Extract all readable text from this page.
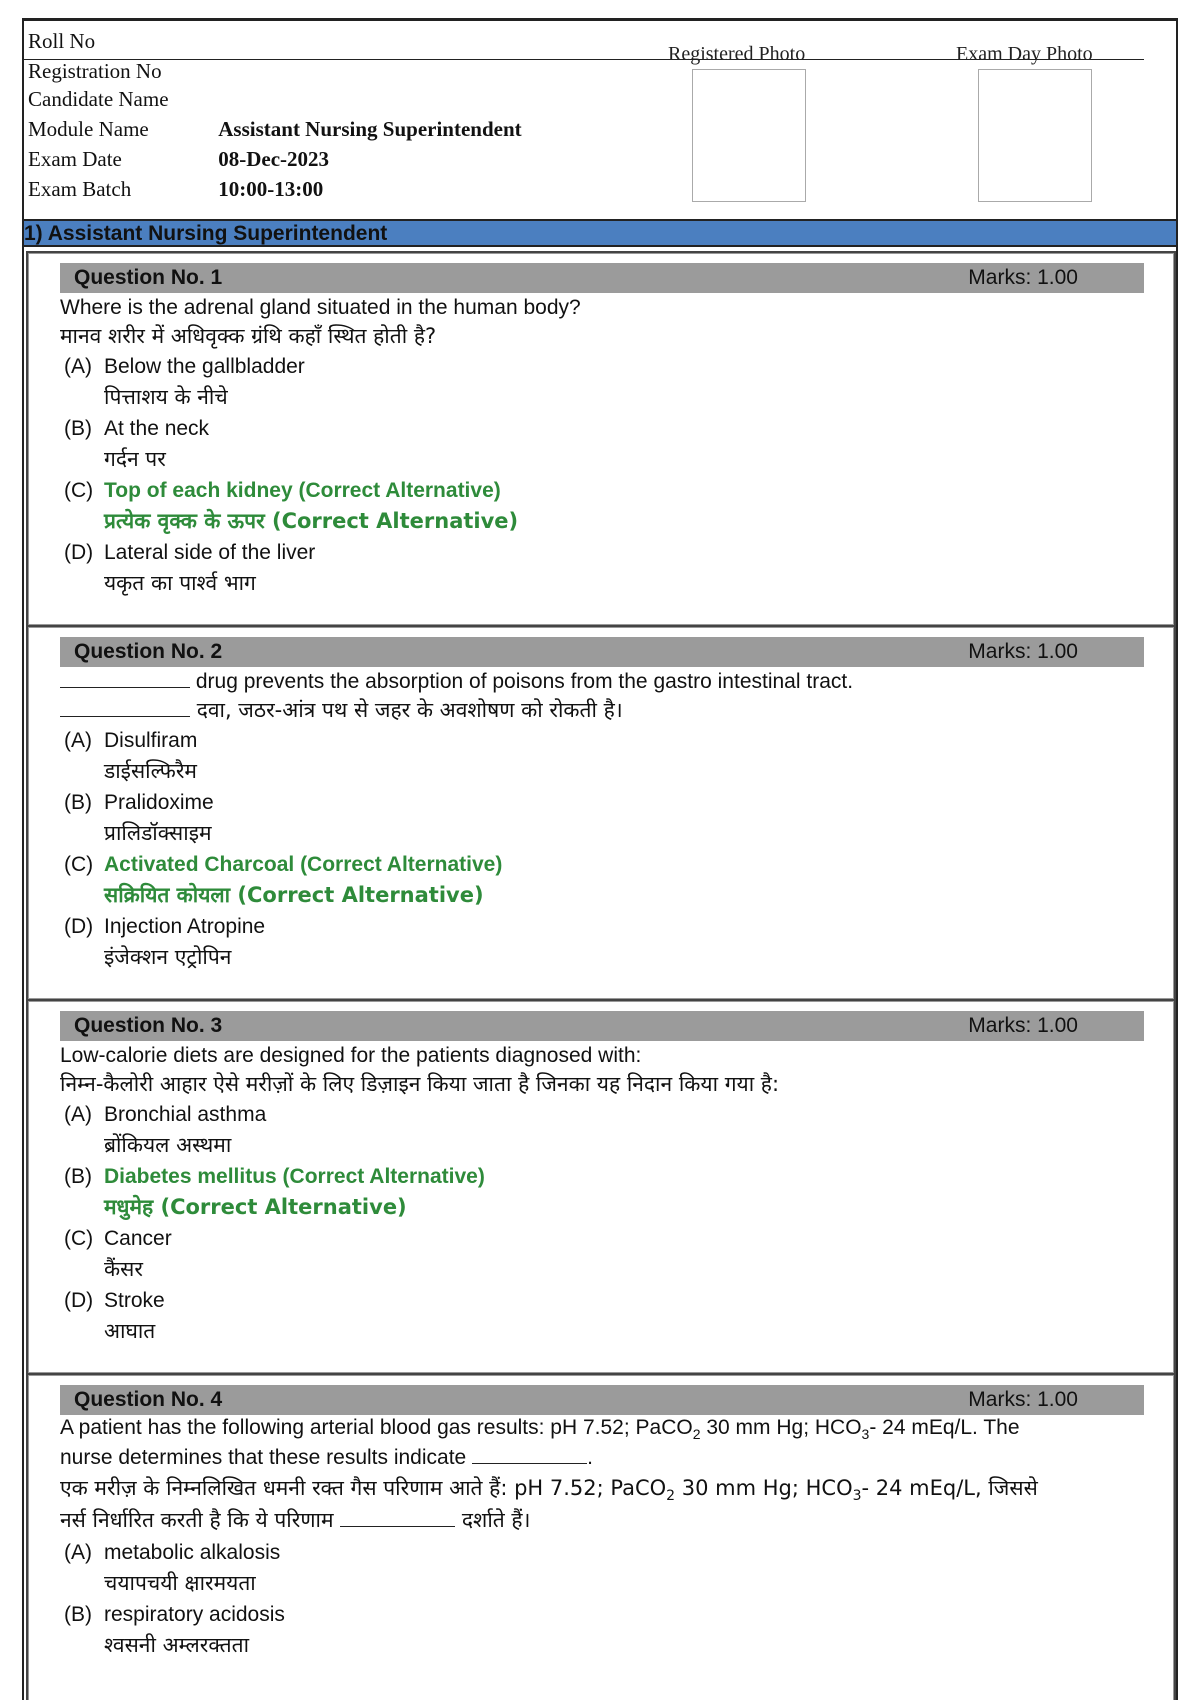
Roll No
Registration No
Candidate Name
Module Name	Assistant Nursing Superintendent
Exam Date	08-Dec-2023
Exam Batch	10:00-13:00
Registered Photo	Exam Day Photo
1) Assistant Nursing Superintendent
Question No. 1	Marks: 1.00
Where is the adrenal gland situated in the human body?
मानव शरीर में अधिवृक्क ग्रंथि कहाँ स्थित होती है?
(A) Below the gallbladder
पित्ताशय के नीचे
(B) At the neck
गर्दन पर
(C) Top of each kidney (Correct Alternative)
प्रत्येक वृक्क के ऊपर (Correct Alternative)
(D) Lateral side of the liver
यकृत का पार्श्व भाग
Question No. 2	Marks: 1.00
drug prevents the absorption of poisons from the gastro intestinal tract.
दवा, जठर-आंत्र पथ से जहर के अवशोषण को रोकती है।
(A) Disulfiram
डाईसल्फिरैम
(B) Pralidoxime
प्रालिडॉक्साइम
(C) Activated Charcoal (Correct Alternative)
सक्रियित कोयला (Correct Alternative)
(D) Injection Atropine
इंजेक्शन एट्रोपिन
Question No. 3	Marks: 1.00
Low-calorie diets are designed for the patients diagnosed with:
निम्न-कैलोरी आहार ऐसे मरीज़ों के लिए डिज़ाइन किया जाता है जिनका यह निदान किया गया है:
(A) Bronchial asthma
ब्रोंकियल अस्थमा
(B) Diabetes mellitus (Correct Alternative)
मधुमेह (Correct Alternative)
(C) Cancer
कैंसर
(D) Stroke
आघात
Question No. 4	Marks: 1.00
A patient has the following arterial blood gas results: pH 7.52; PaCO$_2$ 30 mm Hg; $HCO_3-$ 24 mEq/L. The
nurse determines that these results indicate	.
एक मरीज़ के निम्नलिखित धमनी रक्त गैस परिणाम आते हैं: pH 7.52; PaCO$_2$ 30 mm Hg; $HCO_3-$ 24 mEq/L, जिससे
नर्स निर्धारित करती है कि ये परिणाम	दर्शाते हैं।
(A) metabolic alkalosis
चयापचयी क्षारमयता
(B) respiratory acidosis
श्वसनी अम्लरक्तता
